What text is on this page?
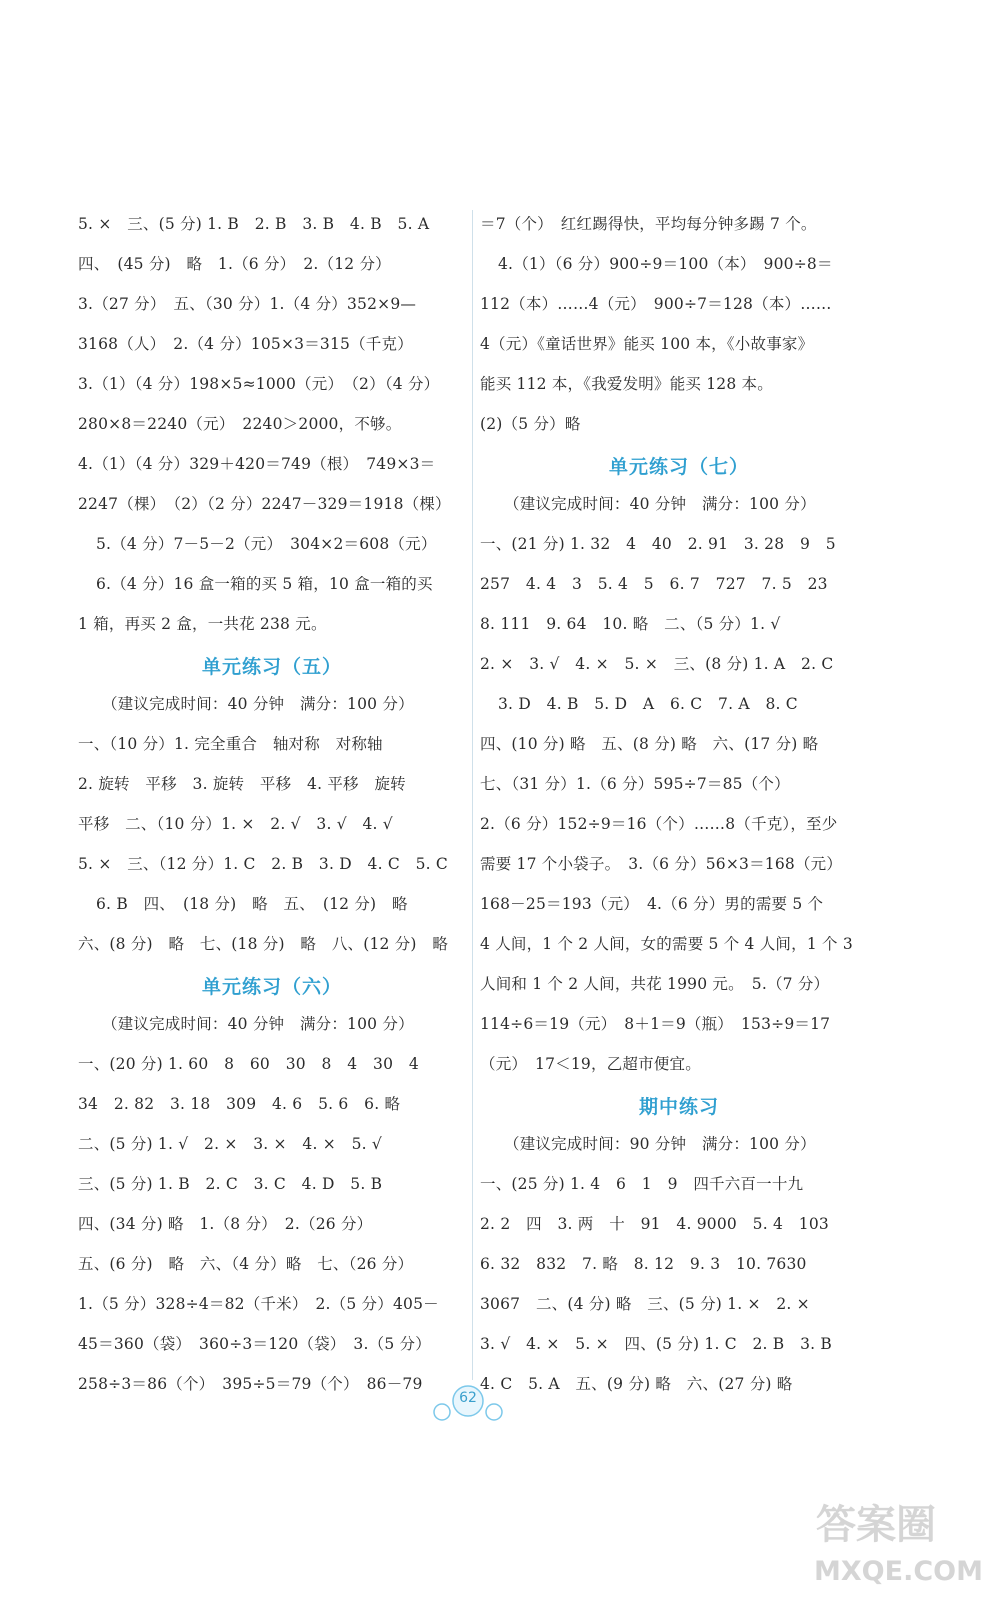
5. ×　三、(5 分) 1. B　2. B　3. B　4. B　5. A
四、　(45 分)　略　1.（6 分）　2.（12 分）
3.（27 分）　五、（30 分）1.（4 分）352×9—
3168（人）　2.（4 分）105×3＝315（千克）
3.（1）（4 分）198×5≈1000（元）　（2）（4 分）
280×8＝2240（元）　2240＞2000，不够。
4.（1）（4 分）329＋420＝749（根）　749×3＝
2247（棵）　（2）（2 分）2247－329＝1918（棵）
5.（4 分）7－5－2（元）　304×2＝608（元）
6.（4 分）16 盒一箱的买 5 箱，10 盒一箱的买
1 箱，再买 2 盒，一共花 238 元。
单元练习（五）
（建议完成时间：40 分钟　满分：100 分）
一、（10 分）1. 完全重合　轴对称　对称轴
2. 旋转　平移　3. 旋转　平移　4. 平移　旋转
平移　二、（10 分）1. ×　2. √　3. √　4. √
5. ×　三、（12 分）1. C　2. B　3. D　4. C　5. C
6. B　四、　(18 分)　略　五、　(12 分)　略
六、(8 分)　略　七、(18 分)　略　八、(12 分)　略
单元练习（六）
（建议完成时间：40 分钟　满分：100 分）
一、(20 分) 1. 60　8　60　30　8　4　30　4
34　2. 82　3. 18　309　4. 6　5. 6　6. 略
二、(5 分) 1. √　2. ×　3. ×　4. ×　5. √
三、(5 分) 1. B　2. C　3. C　4. D　5. B
四、(34 分) 略　1.（8 分）　2.（26 分）
五、(6 分)　略　六、（4 分）略　七、（26 分）
1.（5 分）328÷4＝82（千米）　2.（5 分）405－
45＝360（袋）　360÷3＝120（袋）　3.（5 分）
258÷3＝86（个）　395÷5＝79（个）　86－79
＝7（个）　红红踢得快，平均每分钟多踢 7 个。
4.（1）（6 分）900÷9＝100（本）　900÷8＝
112（本）……4（元）　900÷7＝128（本）……
4（元）《童话世界》能买 100 本，《小故事家》
能买 112 本，《我爱发明》能买 128 本。
(2)（5 分）略
单元练习（七）
（建议完成时间：40 分钟　满分：100 分）
一、(21 分) 1. 32　4　40　2. 91　3. 28　9　5
257　4. 4　3　5. 4　5　6. 7　727　7. 5　23
8. 111　9. 64　10. 略　二、（5 分）1. √
2. ×　3. √　4. ×　5. ×　三、(8 分) 1. A　2. C
3. D　4. B　5. D　A　6. C　7. A　8. C
四、(10 分) 略　五、(8 分) 略　六、(17 分) 略
七、（31 分）1.（6 分）595÷7＝85（个）
2.（6 分）152÷9＝16（个）……8（千克），至少
需要 17 个小袋子。　3.（6 分）56×3＝168（元）
168－25＝193（元）　4.（6 分）男的需要 5 个
4 人间，1 个 2 人间，女的需要 5 个 4 人间，1 个 3
人间和 1 个 2 人间，共花 1990 元。　5.（7 分）
114÷6＝19（元）　8＋1＝9（瓶）　153÷9＝17
（元）　17＜19，乙超市便宜。
期中练习
（建议完成时间：90 分钟　满分：100 分）
一、(25 分) 1. 4　6　1　9　四千六百一十九
2. 2　四　3. 两　十　91　4. 9000　5. 4　103
6. 32　832　7. 略　8. 12　9. 3　10. 7630
3067　二、(4 分) 略　三、(5 分) 1. ×　2. ×
3. √　4. ×　5. ×　四、(5 分) 1. C　2. B　3. B
4. C　5. A　五、(9 分) 略　六、(27 分) 略
62
答案圈
MXQE.COM
